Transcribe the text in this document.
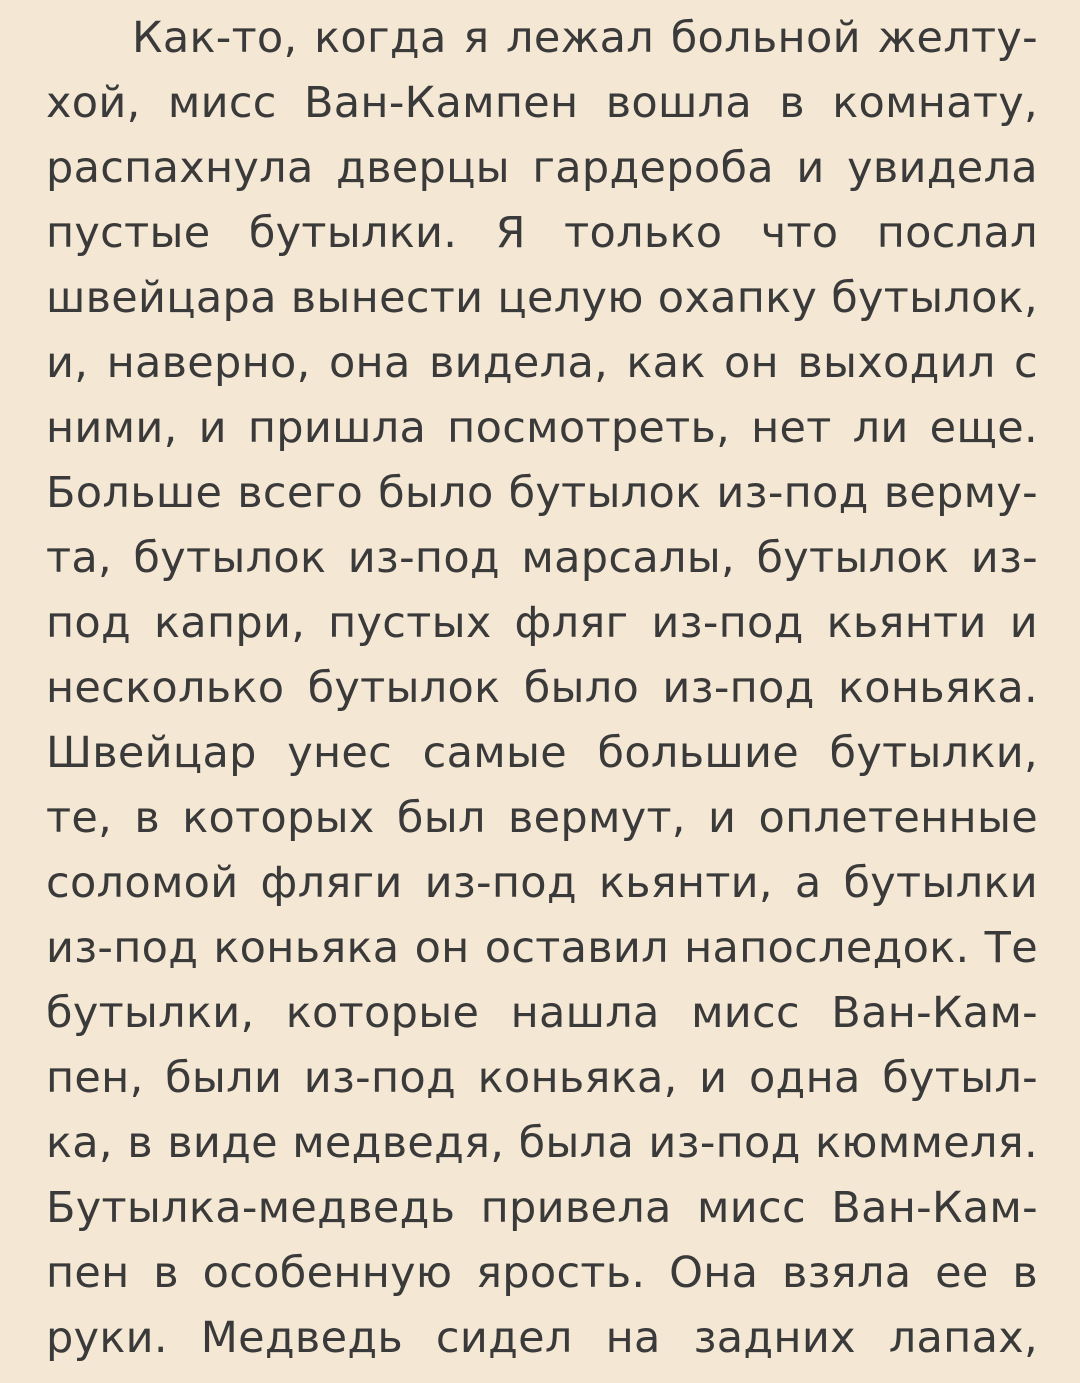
Как-то, когда я лежал больной желту-
хой, мисс Ван-Кампен вошла в комнату,
распахнула дверцы гардероба и увидела
пустые бутылки. Я только что послал
швейцара вынести целую охапку бутылок,
и, наверно, она видела, как он выходил с
ними, и пришла посмотреть, нет ли еще.
Больше всего было бутылок из-под верму-
та, бутылок из-под марсалы, бутылок из-
под капри, пустых фляг из-под кьянти и
несколько бутылок было из-под коньяка.
Швейцар унес самые большие бутылки,
те, в которых был вермут, и оплетенные
соломой фляги из-под кьянти, а бутылки
из-под коньяка он оставил напоследок. Те
бутылки, которые нашла мисс Ван-Кам-
пен, были из-под коньяка, и одна бутыл-
ка, в виде медведя, была из-под кюммеля.
Бутылка-медведь привела мисс Ван-Кам-
пен в особенную ярость. Она взяла ее в
руки. Медведь сидел на задних лапах,
